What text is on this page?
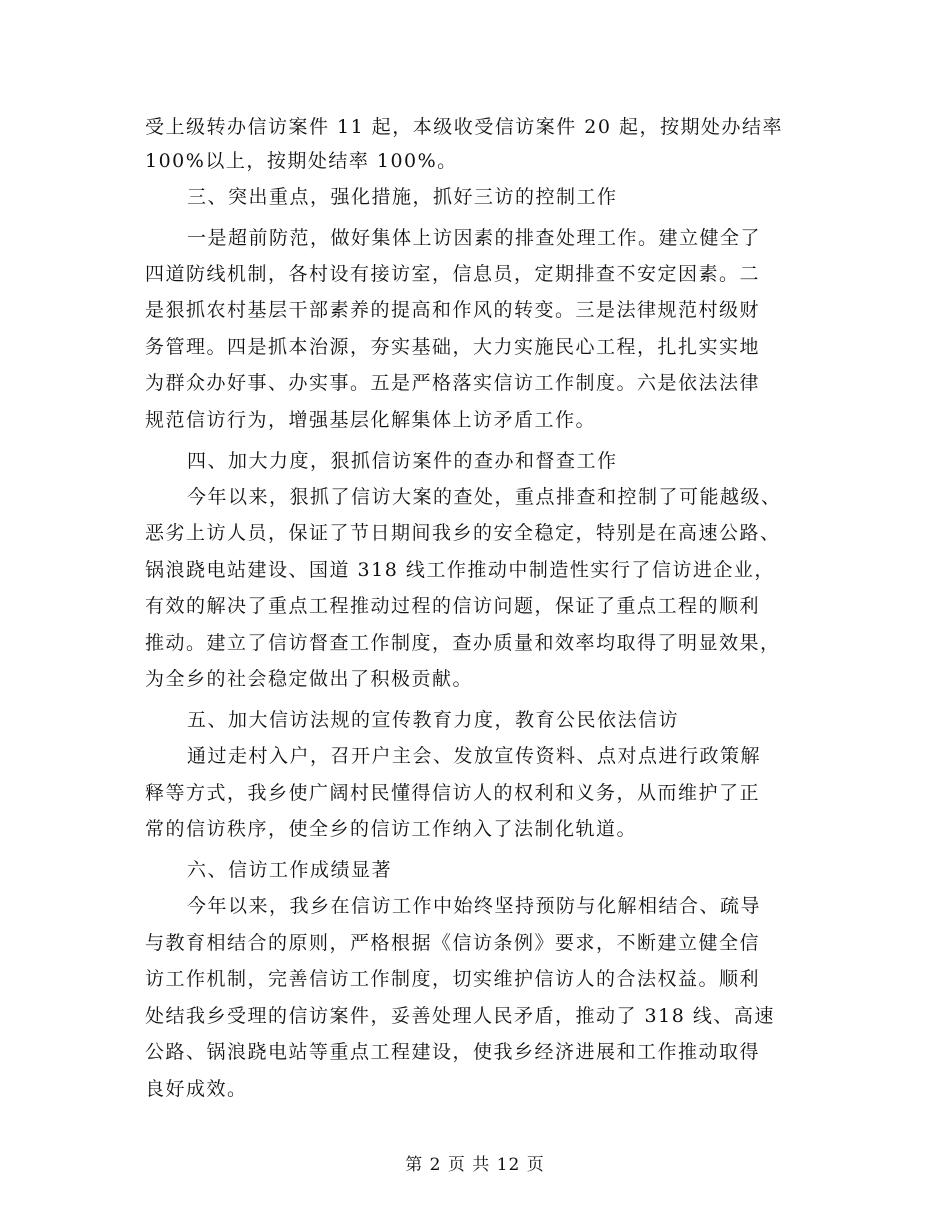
受上级转办信访案件 11 起，本级收受信访案件 20 起，按期处办结率
100%以上，按期处结率 100%。
三、突出重点，强化措施，抓好三访的控制工作
一是超前防范，做好集体上访因素的排查处理工作。建立健全了
四道防线机制，各村设有接访室，信息员，定期排查不安定因素。二
是狠抓农村基层干部素养的提高和作风的转变。三是法律规范村级财
务管理。四是抓本治源，夯实基础，大力实施民心工程，扎扎实实地
为群众办好事、办实事。五是严格落实信访工作制度。六是依法法律
规范信访行为，增强基层化解集体上访矛盾工作。
四、加大力度，狠抓信访案件的查办和督查工作
今年以来，狠抓了信访大案的查处，重点排查和控制了可能越级、
恶劣上访人员，保证了节日期间我乡的安全稳定，特别是在高速公路、
锅浪跷电站建设、国道 318 线工作推动中制造性实行了信访进企业，
有效的解决了重点工程推动过程的信访问题，保证了重点工程的顺利
推动。建立了信访督查工作制度，查办质量和效率均取得了明显效果，
为全乡的社会稳定做出了积极贡献。
五、加大信访法规的宣传教育力度，教育公民依法信访
通过走村入户，召开户主会、发放宣传资料、点对点进行政策解
释等方式，我乡使广阔村民懂得信访人的权利和义务，从而维护了正
常的信访秩序，使全乡的信访工作纳入了法制化轨道。
六、信访工作成绩显著
今年以来，我乡在信访工作中始终坚持预防与化解相结合、疏导
与教育相结合的原则，严格根据《信访条例》要求，不断建立健全信
访工作机制，完善信访工作制度，切实维护信访人的合法权益。顺利
处结我乡受理的信访案件，妥善处理人民矛盾，推动了 318 线、高速
公路、锅浪跷电站等重点工程建设，使我乡经济进展和工作推动取得
良好成效。
第 2 页 共 12 页
